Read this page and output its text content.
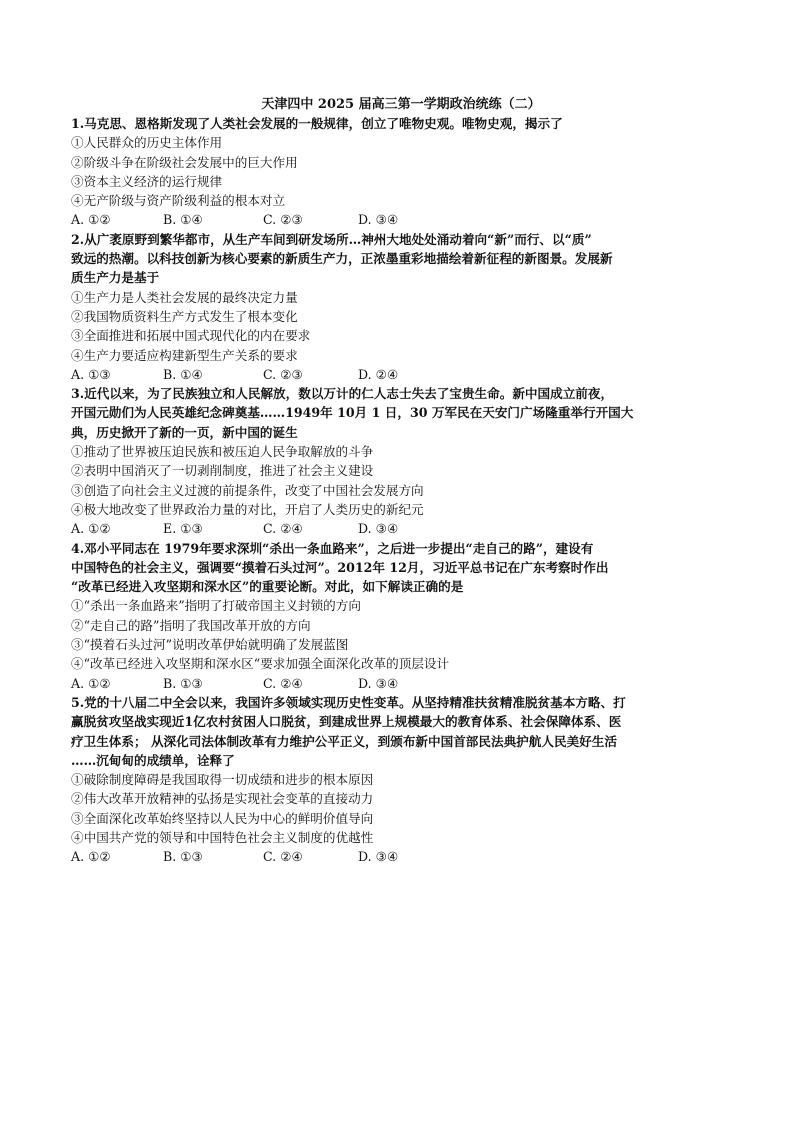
天津四中 2025 届高三第一学期政治统练（二）
1.马克思、恩格斯发现了人类社会发展的一般规律，创立了唯物史观。唯物史观，揭示了
①人民群众的历史主体作用
②阶级斗争在阶级社会发展中的巨大作用
③资本主义经济的运行规律
④无产阶级与资产阶级利益的根本对立
A. ①②	B. ①④	C. ②③	D. ③④
2.从广袤原野到繁华都市，从生产车间到研发场所…神州大地处处涌动着向“新”而行、以“质”
致远的热潮。以科技创新为核心要素的新质生产力，正浓墨重彩地描绘着新征程的新图景。发展新
质生产力是基于
①生产力是人类社会发展的最终决定力量
②我国物质资料生产方式发生了根本变化
③全面推进和拓展中国式现代化的内在要求
④生产力要适应构建新型生产关系的要求
A. ①③	B. ①④	C. ②③	D. ②④
3.近代以来，为了民族独立和人民解放，数以万计的仁人志士失去了宝贵生命。新中国成立前夜，
开国元勋们为人民英雄纪念碑奠基……1949年 10月 1 日，30 万军民在天安门广场隆重举行开国大
典，历史掀开了新的一页，新中国的诞生
①推动了世界被压迫民族和被压迫人民争取解放的斗争
②表明中国消灭了一切剥削制度，推进了社会主义建设
③创造了向社会主义过渡的前提条件，改变了中国社会发展方向
④极大地改变了世界政治力量的对比，开启了人类历史的新纪元
A. ①②	E. ①③	C. ②④	D. ③④
4.邓小平同志在 1979年要求深圳“杀出一条血路来”，之后进一步提出“走自己的路”，建设有
中国特色的社会主义，强调要“摸着石头过河”。2012年 12月，习近平总书记在广东考察时作出
“改革已经进入攻坚期和深水区”的重要论断。对此，如下解读正确的是
①“杀出一条血路来”指明了打破帝国主义封锁的方向
②“走自己的路”指明了我国改革开放的方向
③“摸着石头过河”说明改革伊始就明确了发展蓝图
④“改革已经进入攻坚期和深水区“要求加强全面深化改革的顶层设计
A. ①②	B. ①③	C. ②④	D. ③④
5.党的十八届二中全会以来，我国许多领域实现历史性变革。从坚持精准扶贫精准脱贫基本方略、打
赢脱贫攻坚战实现近1亿农村贫困人口脱贫，到建成世界上规模最大的教育体系、社会保障体系、医
疗卫生体系； 从深化司法体制改革有力维护公平正义，到颁布新中国首部民法典护航人民美好生活
……沉甸甸的成绩单，诠释了
①破除制度障碍是我国取得一切成绩和进步的根本原因
②伟大改革开放精神的弘扬是实现社会变革的直接动力
③全面深化改革始终坚持以人民为中心的鲜明价值导向
④中国共产党的领导和中国特色社会主义制度的优越性
A. ①②	B. ①③	C. ②④	D. ③④
